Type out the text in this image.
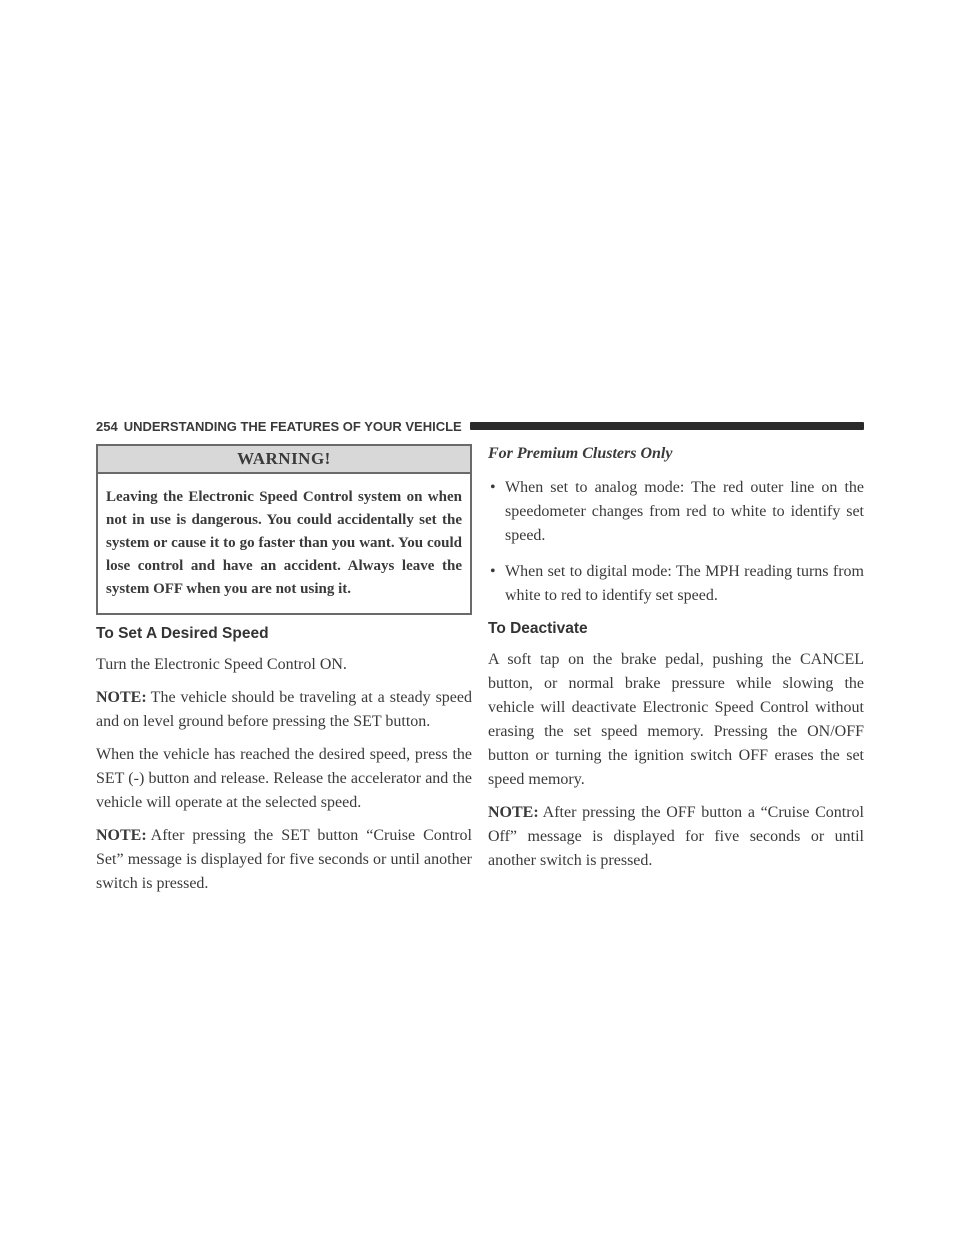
254 UNDERSTANDING THE FEATURES OF YOUR VEHICLE
WARNING!
Leaving the Electronic Speed Control system on when not in use is dangerous. You could accidentally set the system or cause it to go faster than you want. You could lose control and have an accident. Always leave the system OFF when you are not using it.
To Set A Desired Speed

Turn the Electronic Speed Control ON.

NOTE: The vehicle should be traveling at a steady speed and on level ground before pressing the SET button.

When the vehicle has reached the desired speed, press the SET (-) button and release. Release the accelerator and the vehicle will operate at the selected speed.

NOTE: After pressing the SET button “Cruise Control Set” message is displayed for five seconds or until another switch is pressed.

For Premium Clusters Only
• When set to analog mode: The red outer line on the speedometer changes from red to white to identify set speed.
• When set to digital mode: The MPH reading turns from white to red to identify set speed.
To Deactivate

A soft tap on the brake pedal, pushing the CANCEL button, or normal brake pressure while slowing the vehicle will deactivate Electronic Speed Control without erasing the set speed memory. Pressing the ON/OFF button or turning the ignition switch OFF erases the set speed memory.

NOTE: After pressing the OFF button a “Cruise Control Off” message is displayed for five seconds or until another switch is pressed.
